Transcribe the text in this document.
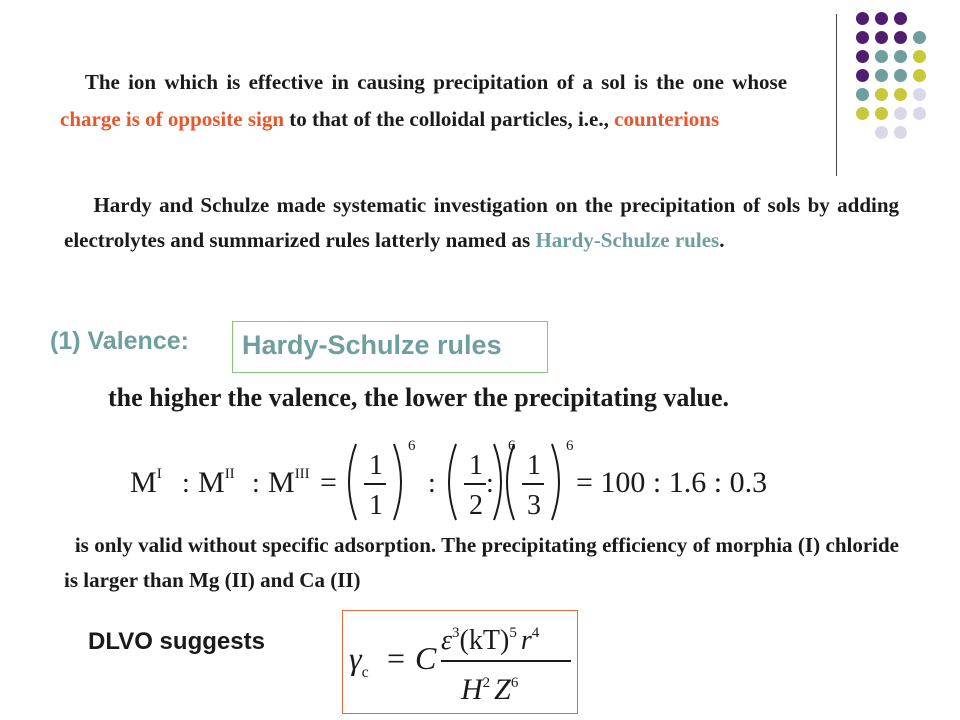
The ion which is effective in causing precipitation of a sol is the one whose charge is of opposite sign to that of the colloidal particles, i.e., counterions
Hardy and Schulze made systematic investigation on the precipitation of sols by adding electrolytes and summarized rules latterly named as Hardy-Schulze rules.
(1) Valence: Hardy-Schulze rules
the higher the valence, the lower the precipitating value.
$M^I$ : $M^{II}$ : $M^{III}$ =
1
1
6
:
1
2
6
:
1
3
6
= 100 : 1.6 : 0.3
is only valid without specific adsorption. The precipitating efficiency of morphia (I) chloride is larger than Mg (II) and Ca (II)
DLVO suggests	$\gamma_c = C$ $\varepsilon^3(kT)^5$ $r^4$
$H^2$ $Z^6$
